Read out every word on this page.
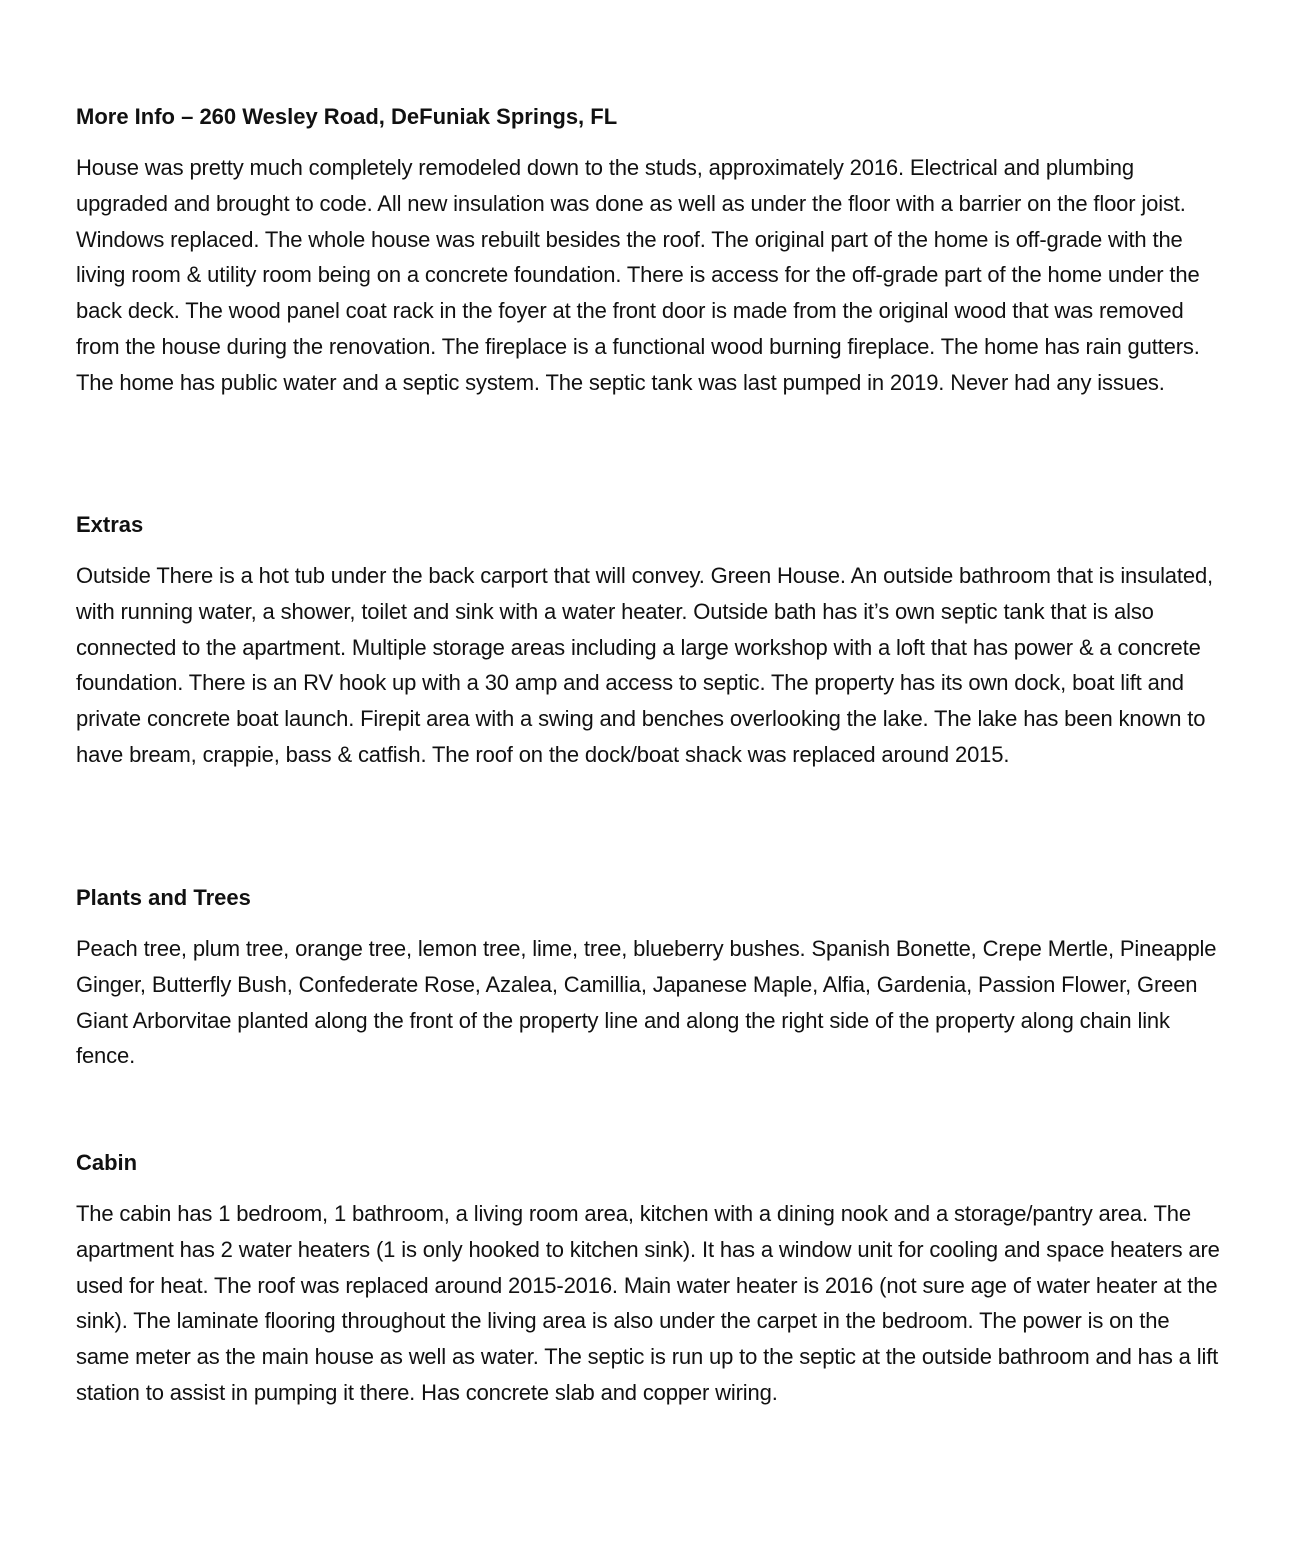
More Info – 260 Wesley Road, DeFuniak Springs, FL

House was pretty much completely remodeled down to the studs, approximately 2016. Electrical and plumbing upgraded and brought to code. All new insulation was done as well as under the floor with a barrier on the floor joist. Windows replaced. The whole house was rebuilt besides the roof. The original part of the home is off-grade with the living room & utility room being on a concrete foundation. There is access for the off-grade part of the home under the back deck. The wood panel coat rack in the foyer at the front door is made from the original wood that was removed from the house during the renovation. The fireplace is a functional wood burning fireplace. The home has rain gutters. The home has public water and a septic system. The septic tank was last pumped in 2019. Never had any issues.

Extras

Outside There is a hot tub under the back carport that will convey. Green House. An outside bathroom that is insulated, with running water, a shower, toilet and sink with a water heater. Outside bath has it’s own septic tank that is also connected to the apartment. Multiple storage areas including a large workshop with a loft that has power & a concrete foundation. There is an RV hook up with a 30 amp and access to septic. The property has its own dock, boat lift and private concrete boat launch. Firepit area with a swing and benches overlooking the lake. The lake has been known to have bream, crappie, bass & catfish. The roof on the dock/boat shack was replaced around 2015.

Plants and Trees

Peach tree, plum tree, orange tree, lemon tree, lime, tree, blueberry bushes. Spanish Bonette, Crepe Mertle, Pineapple Ginger, Butterfly Bush, Confederate Rose, Azalea, Camillia, Japanese Maple, Alfia, Gardenia, Passion Flower, Green Giant Arborvitae planted along the front of the property line and along the right side of the property along chain link fence.

Cabin

The cabin has 1 bedroom, 1 bathroom, a living room area, kitchen with a dining nook and a storage/pantry area. The apartment has 2 water heaters (1 is only hooked to kitchen sink). It has a window unit for cooling and space heaters are used for heat. The roof was replaced around 2015-2016. Main water heater is 2016 (not sure age of water heater at the sink). The laminate flooring throughout the living area is also under the carpet in the bedroom. The power is on the same meter as the main house as well as water. The septic is run up to the septic at the outside bathroom and has a lift station to assist in pumping it there. Has concrete slab and copper wiring.
